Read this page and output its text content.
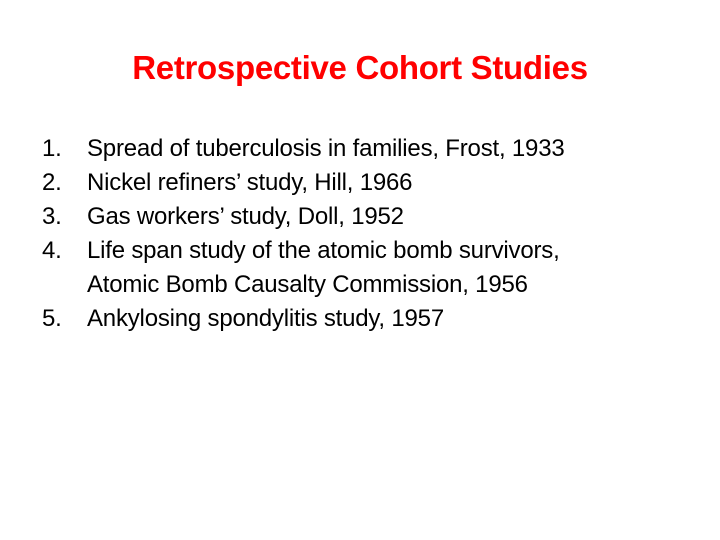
Retrospective Cohort Studies
1.	Spread of tuberculosis in families, Frost, 1933
2.	Nickel refiners’ study, Hill, 1966
3.	Gas workers’ study, Doll, 1952
4.	Life span study of the atomic bomb survivors,
Atomic Bomb Causalty Commission, 1956
5.	Ankylosing spondylitis study, 1957
